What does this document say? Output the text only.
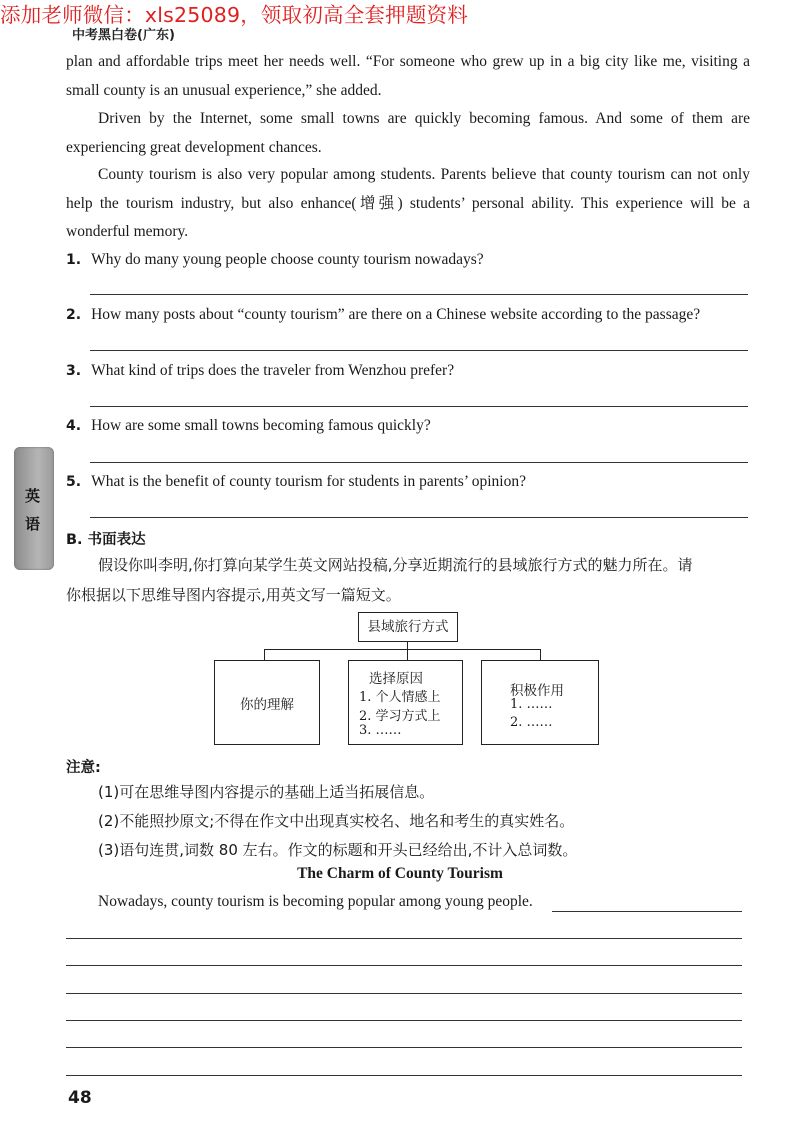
添加老师微信：xls25089，领取初高全套押题资料
中考黑白卷(广东)
plan and affordable trips meet her needs well. “For someone who grew up in a big city like me, visiting a small county is an unusual experience,” she added.
Driven by the Internet, some small towns are quickly becoming famous. And some of them are experiencing great development chances.
County tourism is also very popular among students. Parents believe that county tourism can not only help the tourism industry, but also enhance(增强) students’ personal ability. This experience will be a wonderful memory.
1. Why do many young people choose county tourism nowadays?
2. How many posts about “county tourism” are there on a Chinese website according to the passage?
3. What kind of trips does the traveler from Wenzhou prefer?
4. How are some small towns becoming famous quickly?
5. What is the benefit of county tourism for students in parents’ opinion?
英
语
B. 书面表达
假设你叫李明,你打算向某学生英文网站投稿,分享近期流行的县域旅行方式的魅力所在。请
你根据以下思维导图内容提示,用英文写一篇短文。
县域旅行方式
你的理解
选择原因
1. 个人情感上
2. 学习方式上
3. ……
积极作用
1. ……
2. ……
注意:
(1)可在思维导图内容提示的基础上适当拓展信息。
(2)不能照抄原文;不得在作文中出现真实校名、地名和考生的真实姓名。
(3)语句连贯,词数 80 左右。作文的标题和开头已经给出,不计入总词数。
The Charm of County Tourism
Nowadays, county tourism is becoming popular among young people.
48
